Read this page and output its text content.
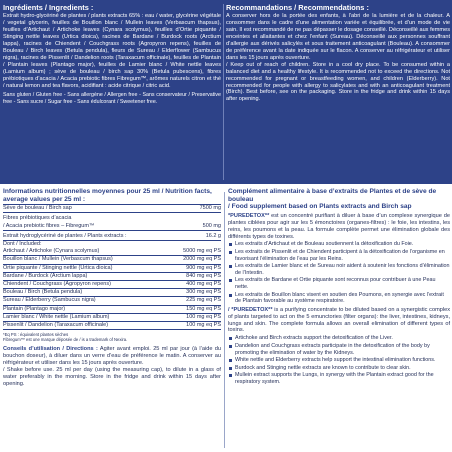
Ingrédients / Ingredients :

Extrait hydro-glycériné de plantes / plants extracts 65% : eau / water, glycérine végétale / vegetal glycerin, feuilles de Bouillon blanc / Mullein leaves (Verbascum thapsus), feuilles d’Artichaut / Artichoke leaves (Cynara scolymus), feuilles d’Ortie piquante / Stinging nettle leaves (Urtica dioica), racines de Bardane / Burdock roots (Arctium lappa), racines de Chiendent / Couchgrass roots (Agropyron repens), feuilles de Bouleau / Birch leaves (Betula pendula), fleurs de Sureau / Elderflower (Sambucus nigra), racines de Pissenlit / Dandelion roots (Taraxacum officinale), feuilles de Plantain / Plantain leaves (Plantago major), feuilles de Lamier blanc / White nettle leaves (Lamium album) ; sève de bouleau / birch sap 30% (Betula pubescens), fibres prébiotiques d’acacia / Acacia prebiotic fibres Fibregum™, arômes naturels citron et thé / natural lemon and tea flavors, acidifiant : acide citrique / citric acid.

Sans gluten / Gluten free - Sans allergène / Allergen free - Sans conservateur / Preservative free - Sans sucre / Sugar free - Sans édulcorant / Sweetener free.

Recommandations / Recommendations :

A conserver hors de la portée des enfants, à l’abri de la lumière et de la chaleur. A consommer dans le cadre d’une alimentation variée et équilibrée, et d’un mode de vie sain. Il est recommandé de ne pas dépasser le dosage conseillé. Déconseillé aux femmes enceintes et allaitantes et chez l’enfant (Sureau). Déconseillé aux personnes souffrant d’allergie aux dérivés salicylés et sous traitement anticoagulant (Bouleau). A consommer de préférence avant la date indiquée sur le flacon. A conserver au réfrigérateur et utiliser dans les 15 jours après ouverture.

/ Keep out of reach of children. Store in a cool dry place. To be consumed within a balanced diet and a healthy lifestyle. It is recommended not to exceed the directions. Not recommended for pregnant or breastfeeding women, and children (Elderberry). Not recommended for people with allergy to salicylates and with an anticoagulant treatment (Birch). Best before, see on the packaging. Store in the fridge and drink within 15 days after opening.

Informations nutritionnelles moyennes pour 25 ml / Nutrition facts, average values per 25 ml :
Sève de bouleau / Birch sap	7500 mg
Fibres prébiotiques d’acacia
/ Acacia prebiotic fibres – Fibregum™	500 mg
Extrait hydroglycériné de plantes / Plants extracts :	16.2 g
Dont / Included:
Artichaut / Artichoke (Cynara scolymus)	5000 mg eq PS
Bouillon blanc / Mullein (Verbascum thapsus)	2000 mg eq PS
Ortie piquante / Stinging nettle (Urtica dioica)	900 mg eq PS
Bardane / Burdock (Arctium lappa)	840 mg eq PS
Chiendent / Couchgrass (Agropyron repens)	400 mg eq PS
Bouleau / Birch (Betula pendula)	300 mg eq PS
Sureau / Elderberry (Sambucus nigra)	225 mg eq PS
Plantain (Plantago major)	150 mg eq PS
Lamier blanc / White nettle (Lamium album)	100 mg eq PS
Pissenlit / Dandelion (Taraxacum officinale)	100 mg eq PS
*Eq PS : équivalent plantes sèches
Fibregum™ est une marque déposée de / is a trademark of Nexira.

Conseils d’utilisation / Directions : Agiter avant emploi. 25 ml par jour (à l’aide du bouchon doseur), à diluer dans un verre d’eau de préférence le matin. A conserver au réfrigérateur et utiliser dans les 15 jours après ouverture.

/ Shake before use. 25 ml per day (using the measuring cap), to dilute in a glass of water preferably in the morning. Store in the fridge and drink within 15 days after opening.

Complément alimentaire à base d’extraits de Plantes et de sève de bouleau
/ Food supplement based on Plants extracts and Birch sap

*PUREDETOX** est un concentré purifiant à diluer à base d’un complexe synergique de plantes ciblées pour agir sur les 5 émonctoires (organes-filtres) : le foie, les intestins, les reins, les poumons et la peau. La formule complète permet une élimination globale des différents types de toxines.

Les extraits d’Artichaut et de Bouleau soutiennent la détoxification du Foie.
Les extraits de Pissenlit et de Chiendent participent à la détoxification de l’organisme en favorisant l’élimination de l’eau par les Reins.
Les extraits de Lamier blanc et de Sureau noir aident à soutenir les fonctions d’élimination de l’Intestin.
Les extraits de Bardane et Ortie piquante sont reconnus pour contribuer à une Peau nette.
Les extraits de Bouillon blanc visent en soutien des Poumons, en synergie avec l’extrait de Plantain favorable au système respiratoire.

/ *PUREDETOX** is a purifying concentrate to be diluted based on a synergistic complex of plants targeted to act on the 5 emunctories (filter organs): the liver, intestines, kidneys, lungs and skin. The complete formula allows an overall elimination of different types of toxins.

Artichoke and Birch extracts support the detoxification of the Liver.
Dandelion and Couchgrass extracts participate in the detoxification of the body by promoting the elimination of water by the Kidneys.
White nettle and Elderberry extracts help support the intestinal elimination functions.
Burdock and Stinging nettle extracts are known to contribute to clear skin.
Mullein extract supports the Lungs, in synergy with the Plantain extract good for the respiratory system.
